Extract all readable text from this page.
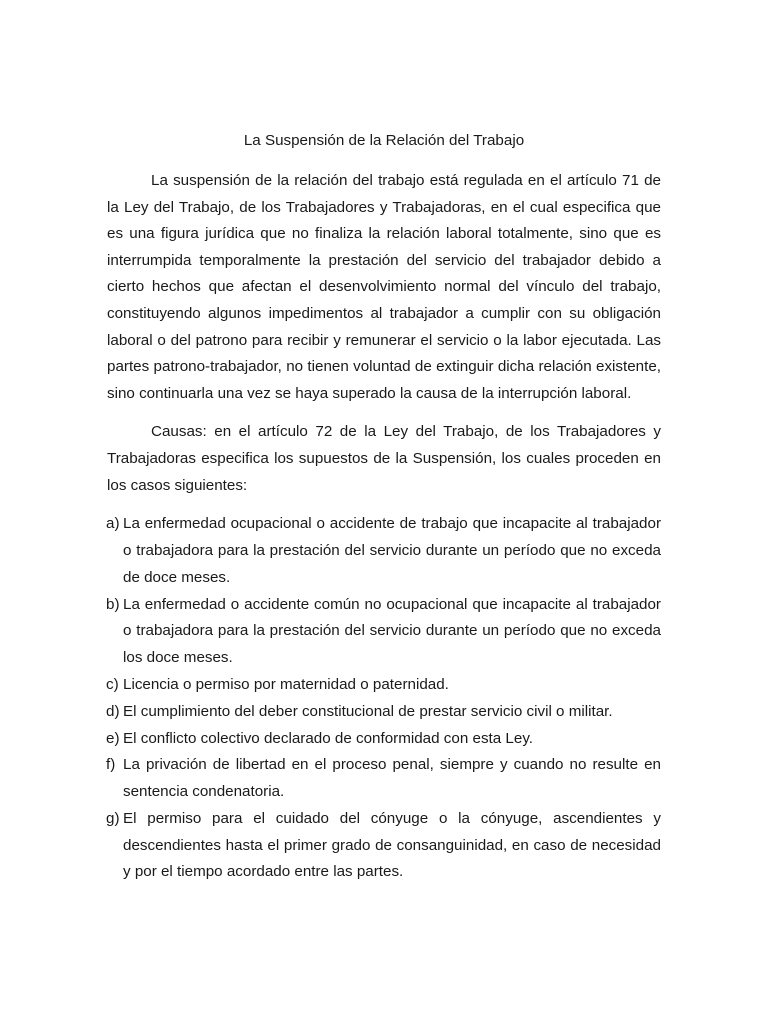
La Suspensión de la Relación del Trabajo

La suspensión de la relación del trabajo está regulada en el artículo 71 de la Ley del Trabajo, de los Trabajadores y Trabajadoras, en el cual especifica que es una figura jurídica que no finaliza la relación laboral totalmente, sino que es interrumpida temporalmente la prestación del servicio del trabajador debido a cierto hechos que afectan el desenvolvimiento normal del vínculo del trabajo, constituyendo algunos impedimentos al trabajador a cumplir con su obligación laboral o del patrono para recibir y remunerar el servicio o la labor ejecutada. Las partes patrono-trabajador, no tienen voluntad de extinguir dicha relación existente, sino continuarla una vez se haya superado la causa de la interrupción laboral.

Causas: en el artículo 72 de la Ley del Trabajo, de los Trabajadores y Trabajadoras especifica los supuestos de la Suspensión, los cuales proceden en los casos siguientes:

a) La enfermedad ocupacional o accidente de trabajo que incapacite al trabajador o trabajadora para la prestación del servicio durante un período que no exceda de doce meses.
b) La enfermedad o accidente común no ocupacional que incapacite al trabajador o trabajadora para la prestación del servicio durante un período que no exceda los doce meses.
c) Licencia o permiso por maternidad o paternidad.
d) El cumplimiento del deber constitucional de prestar servicio civil o militar.
e) El conflicto colectivo declarado de conformidad con esta Ley.
f) La privación de libertad en el proceso penal, siempre y cuando no resulte en sentencia condenatoria.
g) El permiso para el cuidado del cónyuge o la cónyuge, ascendientes y descendientes hasta el primer grado de consanguinidad, en caso de necesidad y por el tiempo acordado entre las partes.
